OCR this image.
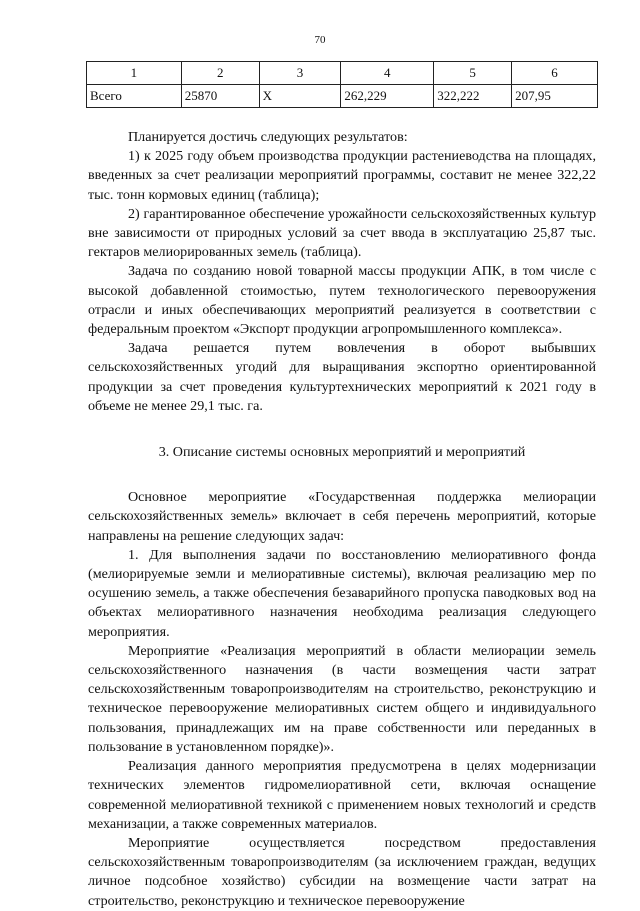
70
1	2	3	4	5	6
Всего	25870	Х	262,229	322,222	207,95

Планируется достичь следующих результатов:

1) к 2025 году объем производства продукции растениеводства на площадях, введенных за счет реализации мероприятий программы, составит не менее 322,22 тыс. тонн кормовых единиц (таблица);

2) гарантированное обеспечение урожайности сельскохозяйственных культур вне зависимости от природных условий за счет ввода в эксплуатацию 25,87 тыс. гектаров мелиорированных земель (таблица).

Задача по созданию новой товарной массы продукции АПК, в том числе с высокой добавленной стоимостью, путем технологического перевооружения отрасли и иных обеспечивающих мероприятий реализуется в соответствии с федеральным проектом «Экспорт продукции агропромышленного комплекса».

Задача решается путем вовлечения в оборот выбывших сельскохозяйственных угодий для выращивания экспортно ориентированной продукции за счет проведения культуртехнических мероприятий к 2021 году в объеме не менее 29,1 тыс. га.

3. Описание системы основных мероприятий и мероприятий

Основное мероприятие «Государственная поддержка мелиорации сельскохозяйственных земель» включает в себя перечень мероприятий, которые направлены на решение следующих задач:

1. Для выполнения задачи по восстановлению мелиоративного фонда (мелиорируемые земли и мелиоративные системы), включая реализацию мер по осушению земель, а также обеспечения безаварийного пропуска паводковых вод на объектах мелиоративного назначения необходима реализация следующего мероприятия.

Мероприятие «Реализация мероприятий в области мелиорации земель сельскохозяйственного назначения (в части возмещения части затрат сельскохозяйственным товаропроизводителям на строительство, реконструкцию и техническое перевооружение мелиоративных систем общего и индивидуального пользования, принадлежащих им на праве собственности или переданных в пользование в установленном порядке)».

Реализация данного мероприятия предусмотрена в целях модернизации технических элементов гидромелиоративной сети, включая оснащение современной мелиоративной техникой с применением новых технологий и средств механизации, а также современных материалов.

Мероприятие осуществляется посредством предоставления сельскохозяйственным товаропроизводителям (за исключением граждан, ведущих личное подсобное хозяйство) субсидии на возмещение части затрат на строительство, реконструкцию и техническое перевооружение
